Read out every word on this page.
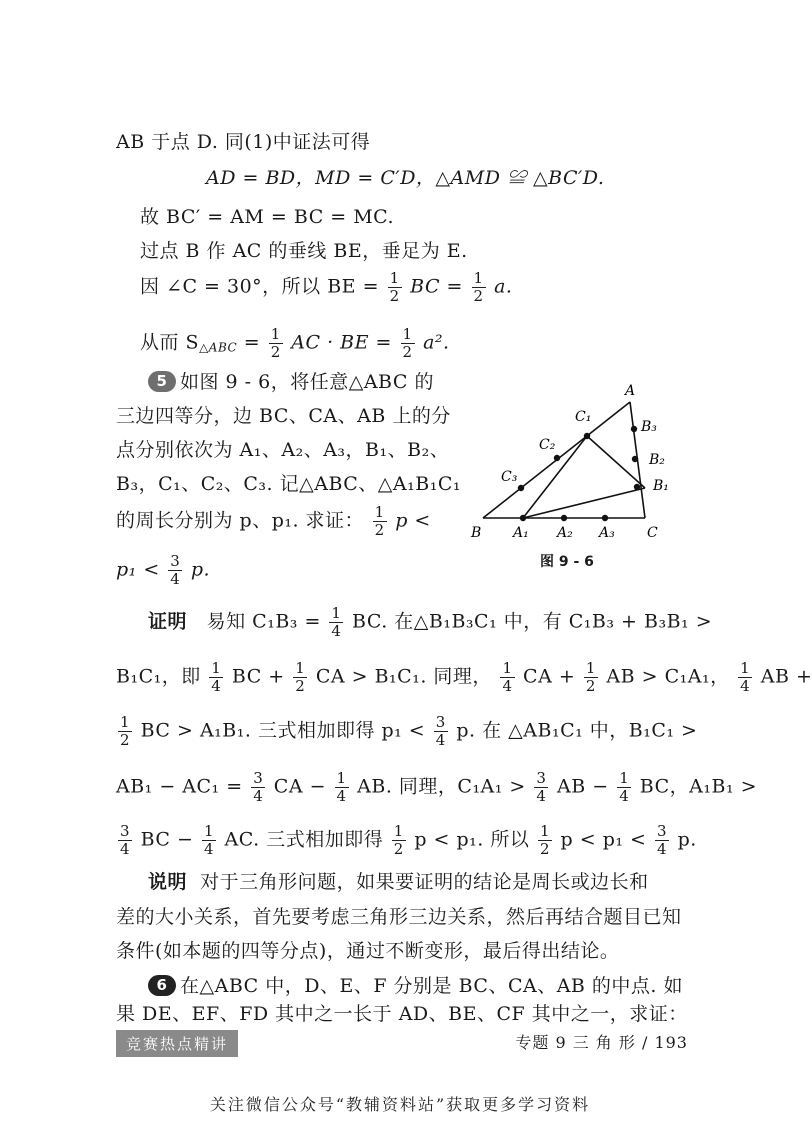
AB 于点 D. 同(1)中证法可得
AD = BD，MD = C′D，△AMD ≌ △BC′D.
故 BC′ = AM = BC = MC.
过点 B 作 AC 的垂线 BE，垂足为 E.
因 ∠C = 30°，所以 BE = $\frac{1}{2}$ BC = $\frac{1}{2} a$.
从而 $S_{\triangle ABC} = \frac{1}{2}$ AC · BE = $\frac{1}{2} a^2$.
5 如图 9 - 6，将任意△ABC 的
三边四等分，边 BC、CA、AB 上的分
点分别依次为 A₁、A₂、A₃，B₁、B₂、
B₃，C₁、C₂、C₃. 记△ABC、△A₁B₁C₁
的周长分别为 p、p₁. 求证： $\frac{1}{2}$ p <
$p_1 < \frac{3}{4} p$.
A
B	C
A₁ A₂ A₃
B₁
B₂
B₃
C₁
C₂
C₃
图 9 - 6
证明 易知 $C_1B_3 = \frac{1}{4}$ BC. 在△B₁B₃C₁ 中，有 C₁B₃ + B₃B₁ >
B₁C₁，即 $\frac{1}{4}$ BC + $\frac{1}{2}$ CA > B₁C₁. 同理， $\frac{1}{4}$ CA + $\frac{1}{2}$ AB > C₁A₁， $\frac{1}{4}$ AB +
$\frac{1}{2}$ BC > A₁B₁. 三式相加即得 $p_1 < \frac{3}{4} p$. 在 △AB₁C₁ 中，B₁C₁ >
$AB_1 - AC_1 = \frac{3}{4}$ CA − $\frac{1}{4}$ AB. 同理，$C_1A_1 > \frac{3}{4}$ AB − $\frac{1}{4}$ BC，A₁B₁ >
$\frac{3}{4}$ BC − $\frac{1}{4}$ AC. 三式相加即得 $\frac{1}{2}$ p < p₁. 所以 $\frac{1}{2}$ $p < p_1 < \frac{3}{4} p$.
说明 对于三角形问题，如果要证明的结论是周长或边长和
差的大小关系，首先要考虑三角形三边关系，然后再结合题目已知
条件(如本题的四等分点)，通过不断变形，最后得出结论。
6 在△ABC 中，D、E、F 分别是 BC、CA、AB 的中点. 如
果 DE、EF、FD 其中之一长于 AD、BE、CF 其中之一，求证：
竞赛热点精讲	专题 9 三 角 形 / 193
关注微信公众号“教辅资料站”获取更多学习资料
